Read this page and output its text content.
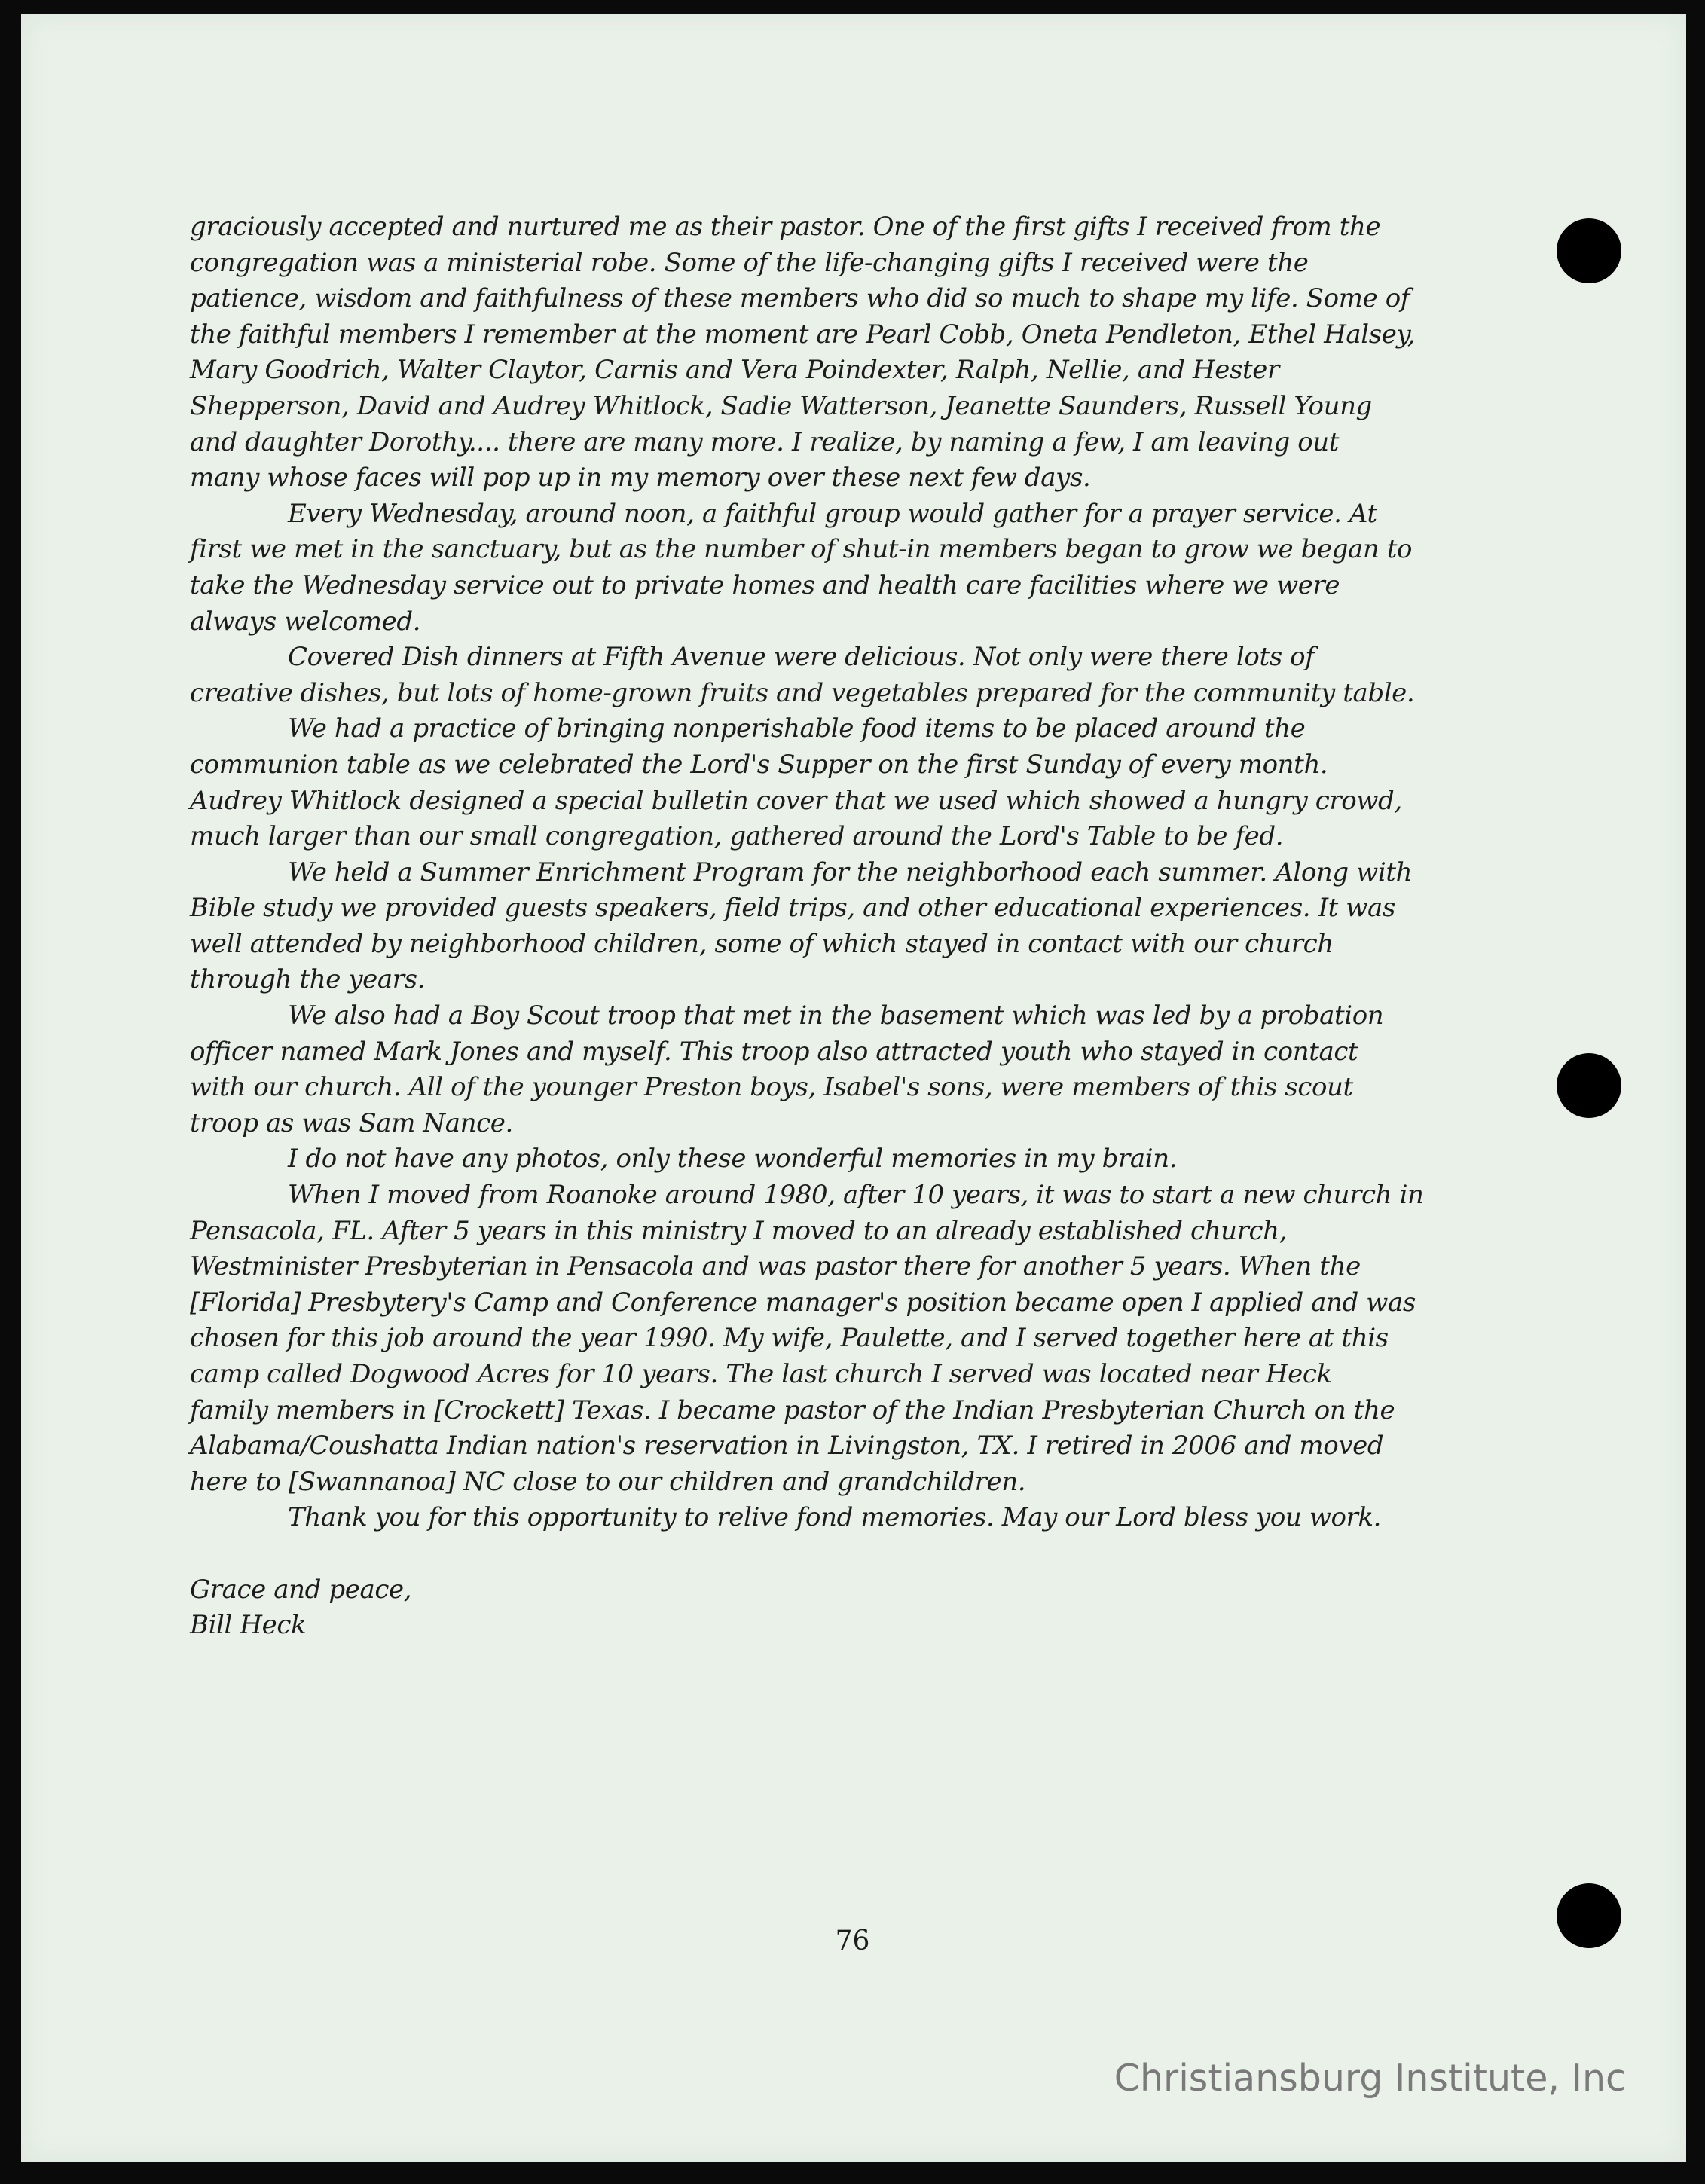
graciously accepted and nurtured me as their pastor. One of the first gifts I received from the
congregation was a ministerial robe. Some of the life-changing gifts I received were the
patience, wisdom and faithfulness of these members who did so much to shape my life. Some of
the faithful members I remember at the moment are Pearl Cobb, Oneta Pendleton, Ethel Halsey,
Mary Goodrich, Walter Claytor, Carnis and Vera Poindexter, Ralph, Nellie, and Hester
Shepperson, David and Audrey Whitlock, Sadie Watterson, Jeanette Saunders, Russell Young
and daughter Dorothy.... there are many more. I realize, by naming a few, I am leaving out
many whose faces will pop up in my memory over these next few days.
Every Wednesday, around noon, a faithful group would gather for a prayer service. At
first we met in the sanctuary, but as the number of shut-in members began to grow we began to
take the Wednesday service out to private homes and health care facilities where we were
always welcomed.
Covered Dish dinners at Fifth Avenue were delicious. Not only were there lots of
creative dishes, but lots of home-grown fruits and vegetables prepared for the community table.
We had a practice of bringing nonperishable food items to be placed around the
communion table as we celebrated the Lord's Supper on the first Sunday of every month.
Audrey Whitlock designed a special bulletin cover that we used which showed a hungry crowd,
much larger than our small congregation, gathered around the Lord's Table to be fed.
We held a Summer Enrichment Program for the neighborhood each summer. Along with
Bible study we provided guests speakers, field trips, and other educational experiences. It was
well attended by neighborhood children, some of which stayed in contact with our church
through the years.
We also had a Boy Scout troop that met in the basement which was led by a probation
officer named Mark Jones and myself. This troop also attracted youth who stayed in contact
with our church. All of the younger Preston boys, Isabel's sons, were members of this scout
troop as was Sam Nance.
I do not have any photos, only these wonderful memories in my brain.
When I moved from Roanoke around 1980, after 10 years, it was to start a new church in
Pensacola, FL. After 5 years in this ministry I moved to an already established church,
Westminister Presbyterian in Pensacola and was pastor there for another 5 years. When the
[Florida] Presbytery's Camp and Conference manager's position became open I applied and was
chosen for this job around the year 1990. My wife, Paulette, and I served together here at this
camp called Dogwood Acres for 10 years. The last church I served was located near Heck
family members in [Crockett] Texas. I became pastor of the Indian Presbyterian Church on the
Alabama/Coushatta Indian nation's reservation in Livingston, TX. I retired in 2006 and moved
here to [Swannanoa] NC close to our children and grandchildren.
Thank you for this opportunity to relive fond memories. May our Lord bless you work.
Grace and peace,
Bill Heck
76
Christiansburg Institute, Inc
